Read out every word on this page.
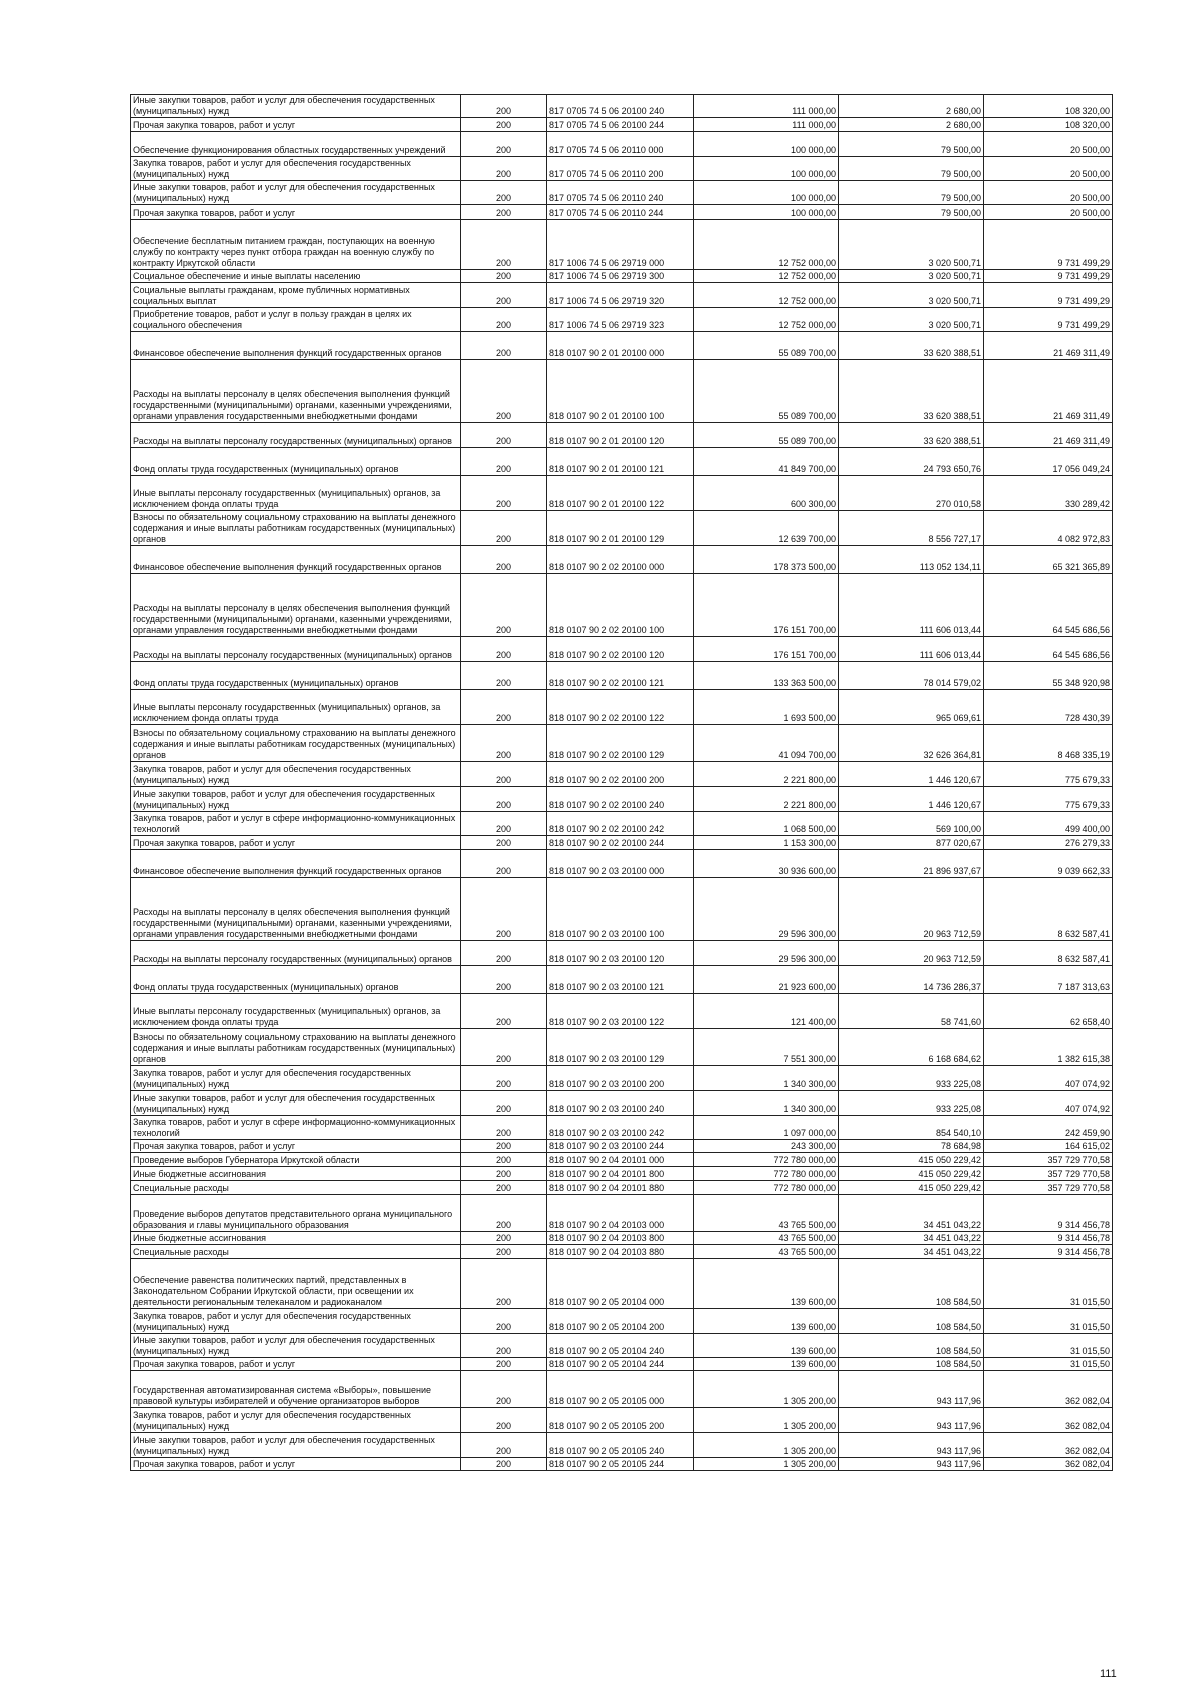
Иные закупки товаров, работ и услуг для обеспечения государственных (муниципальных) нужд	200	817 0705 74 5 06 20100 240	111 000,00	2 680,00	108 320,00
Прочая закупка товаров, работ и услуг	200	817 0705 74 5 06 20100 244	111 000,00	2 680,00	108 320,00
Обеспечение функционирования областных государственных учреждений	200	817 0705 74 5 06 20110 000	100 000,00	79 500,00	20 500,00
Закупка товаров, работ и услуг для обеспечения государственных (муниципальных) нужд	200	817 0705 74 5 06 20110 200	100 000,00	79 500,00	20 500,00
Иные закупки товаров, работ и услуг для обеспечения государственных (муниципальных) нужд	200	817 0705 74 5 06 20110 240	100 000,00	79 500,00	20 500,00
Прочая закупка товаров, работ и услуг	200	817 0705 74 5 06 20110 244	100 000,00	79 500,00	20 500,00
Обеспечение бесплатным питанием граждан, поступающих на военную службу по контракту через пункт отбора граждан на военную службу по контракту Иркутской области	200	817 1006 74 5 06 29719 000	12 752 000,00	3 020 500,71	9 731 499,29
Социальное обеспечение и иные выплаты населению	200	817 1006 74 5 06 29719 300	12 752 000,00	3 020 500,71	9 731 499,29
Социальные выплаты гражданам, кроме публичных нормативных социальных выплат	200	817 1006 74 5 06 29719 320	12 752 000,00	3 020 500,71	9 731 499,29
Приобретение товаров, работ и услуг в пользу граждан в целях их социального обеспечения	200	817 1006 74 5 06 29719 323	12 752 000,00	3 020 500,71	9 731 499,29
Финансовое обеспечение выполнения функций государственных органов	200	818 0107 90 2 01 20100 000	55 089 700,00	33 620 388,51	21 469 311,49
Расходы на выплаты персоналу в целях обеспечения выполнения функций государственными (муниципальными) органами, казенными учреждениями, органами управления государственными внебюджетными фондами	200	818 0107 90 2 01 20100 100	55 089 700,00	33 620 388,51	21 469 311,49
Расходы на выплаты персоналу государственных (муниципальных) органов	200	818 0107 90 2 01 20100 120	55 089 700,00	33 620 388,51	21 469 311,49
Фонд оплаты труда государственных (муниципальных) органов	200	818 0107 90 2 01 20100 121	41 849 700,00	24 793 650,76	17 056 049,24
Иные выплаты персоналу государственных (муниципальных) органов, за исключением фонда оплаты труда	200	818 0107 90 2 01 20100 122	600 300,00	270 010,58	330 289,42
Взносы по обязательному социальному страхованию на выплаты денежного содержания и иные выплаты работникам государственных (муниципальных) органов	200	818 0107 90 2 01 20100 129	12 639 700,00	8 556 727,17	4 082 972,83
Финансовое обеспечение выполнения функций государственных органов	200	818 0107 90 2 02 20100 000	178 373 500,00	113 052 134,11	65 321 365,89
Расходы на выплаты персоналу в целях обеспечения выполнения функций государственными (муниципальными) органами, казенными учреждениями, органами управления государственными внебюджетными фондами	200	818 0107 90 2 02 20100 100	176 151 700,00	111 606 013,44	64 545 686,56
Расходы на выплаты персоналу государственных (муниципальных) органов	200	818 0107 90 2 02 20100 120	176 151 700,00	111 606 013,44	64 545 686,56
Фонд оплаты труда государственных (муниципальных) органов	200	818 0107 90 2 02 20100 121	133 363 500,00	78 014 579,02	55 348 920,98
Иные выплаты персоналу государственных (муниципальных) органов, за исключением фонда оплаты труда	200	818 0107 90 2 02 20100 122	1 693 500,00	965 069,61	728 430,39
Взносы по обязательному социальному страхованию на выплаты денежного содержания и иные выплаты работникам государственных (муниципальных) органов	200	818 0107 90 2 02 20100 129	41 094 700,00	32 626 364,81	8 468 335,19
Закупка товаров, работ и услуг для обеспечения государственных (муниципальных) нужд	200	818 0107 90 2 02 20100 200	2 221 800,00	1 446 120,67	775 679,33
Иные закупки товаров, работ и услуг для обеспечения государственных (муниципальных) нужд	200	818 0107 90 2 02 20100 240	2 221 800,00	1 446 120,67	775 679,33
Закупка товаров, работ и услуг в сфере информационно-коммуникационных технологий	200	818 0107 90 2 02 20100 242	1 068 500,00	569 100,00	499 400,00
Прочая закупка товаров, работ и услуг	200	818 0107 90 2 02 20100 244	1 153 300,00	877 020,67	276 279,33
Финансовое обеспечение выполнения функций государственных органов	200	818 0107 90 2 03 20100 000	30 936 600,00	21 896 937,67	9 039 662,33
Расходы на выплаты персоналу в целях обеспечения выполнения функций государственными (муниципальными) органами, казенными учреждениями, органами управления государственными внебюджетными фондами	200	818 0107 90 2 03 20100 100	29 596 300,00	20 963 712,59	8 632 587,41
Расходы на выплаты персоналу государственных (муниципальных) органов	200	818 0107 90 2 03 20100 120	29 596 300,00	20 963 712,59	8 632 587,41
Фонд оплаты труда государственных (муниципальных) органов	200	818 0107 90 2 03 20100 121	21 923 600,00	14 736 286,37	7 187 313,63
Иные выплаты персоналу государственных (муниципальных) органов, за исключением фонда оплаты труда	200	818 0107 90 2 03 20100 122	121 400,00	58 741,60	62 658,40
Взносы по обязательному социальному страхованию на выплаты денежного содержания и иные выплаты работникам государственных (муниципальных) органов	200	818 0107 90 2 03 20100 129	7 551 300,00	6 168 684,62	1 382 615,38
Закупка товаров, работ и услуг для обеспечения государственных (муниципальных) нужд	200	818 0107 90 2 03 20100 200	1 340 300,00	933 225,08	407 074,92
Иные закупки товаров, работ и услуг для обеспечения государственных (муниципальных) нужд	200	818 0107 90 2 03 20100 240	1 340 300,00	933 225,08	407 074,92
Закупка товаров, работ и услуг в сфере информационно-коммуникационных технологий	200	818 0107 90 2 03 20100 242	1 097 000,00	854 540,10	242 459,90
Прочая закупка товаров, работ и услуг	200	818 0107 90 2 03 20100 244	243 300,00	78 684,98	164 615,02
Проведение выборов Губернатора Иркутской области	200	818 0107 90 2 04 20101 000	772 780 000,00	415 050 229,42	357 729 770,58
Иные бюджетные ассигнования	200	818 0107 90 2 04 20101 800	772 780 000,00	415 050 229,42	357 729 770,58
Специальные расходы	200	818 0107 90 2 04 20101 880	772 780 000,00	415 050 229,42	357 729 770,58
Проведение выборов депутатов представительного органа муниципального образования и главы муниципального образования	200	818 0107 90 2 04 20103 000	43 765 500,00	34 451 043,22	9 314 456,78
Иные бюджетные ассигнования	200	818 0107 90 2 04 20103 800	43 765 500,00	34 451 043,22	9 314 456,78
Специальные расходы	200	818 0107 90 2 04 20103 880	43 765 500,00	34 451 043,22	9 314 456,78
Обеспечение равенства политических партий, представленных в Законодательном Собрании Иркутской области, при освещении их деятельности региональным телеканалом и радиоканалом	200	818 0107 90 2 05 20104 000	139 600,00	108 584,50	31 015,50
Закупка товаров, работ и услуг для обеспечения государственных (муниципальных) нужд	200	818 0107 90 2 05 20104 200	139 600,00	108 584,50	31 015,50
Иные закупки товаров, работ и услуг для обеспечения государственных (муниципальных) нужд	200	818 0107 90 2 05 20104 240	139 600,00	108 584,50	31 015,50
Прочая закупка товаров, работ и услуг	200	818 0107 90 2 05 20104 244	139 600,00	108 584,50	31 015,50
Государственная автоматизированная система «Выборы», повышение правовой культуры избирателей и обучение организаторов выборов	200	818 0107 90 2 05 20105 000	1 305 200,00	943 117,96	362 082,04
Закупка товаров, работ и услуг для обеспечения государственных (муниципальных) нужд	200	818 0107 90 2 05 20105 200	1 305 200,00	943 117,96	362 082,04
Иные закупки товаров, работ и услуг для обеспечения государственных (муниципальных) нужд	200	818 0107 90 2 05 20105 240	1 305 200,00	943 117,96	362 082,04
Прочая закупка товаров, работ и услуг	200	818 0107 90 2 05 20105 244	1 305 200,00	943 117,96	362 082,04
111
